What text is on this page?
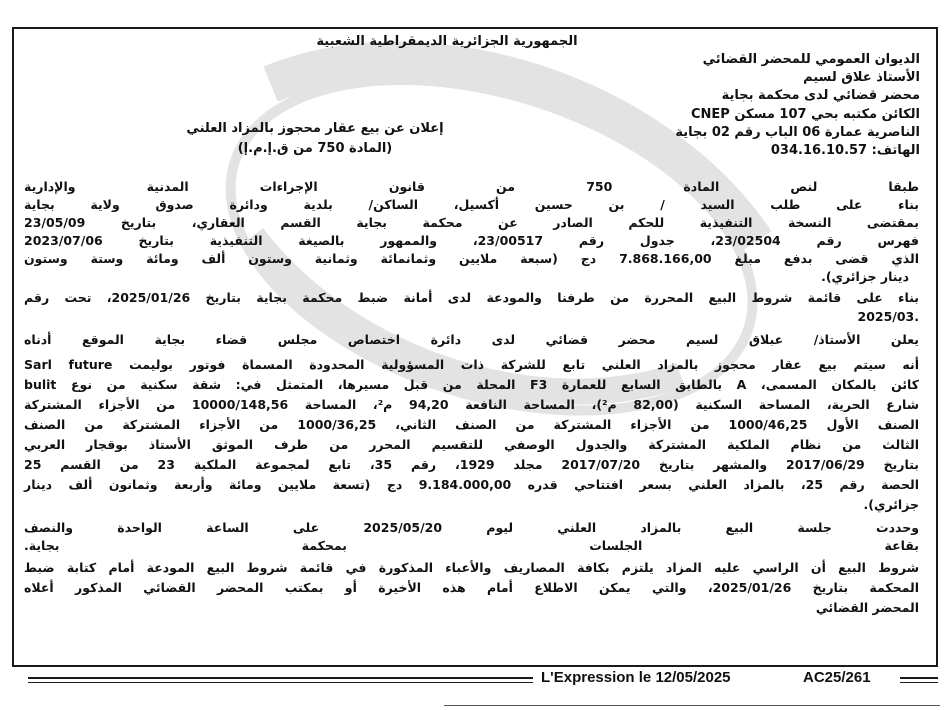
الجمهورية الجزائرية الديمقراطية الشعبية
الديوان العمومي للمحضر القضائي
الأستاذ علاق لسيم
محضر قضائي لدى محكمة بجاية
الكائن مكتبه بحي 107 مسكن CNEP
الناصرية عمارة 06 الباب رقم 02 بجاية
الهاتف: 034.16.10.57
إعلان عن بيع عقار محجوز بالمزاد العلني
(المادة 750 من ق.إ.م.إ)
طبقا لنص المادة 750 من قانون الإجراءات المدنية والإدارية
بناء على طلب السيد / بن حسين أكسيل، الساكن/ بلدية ودائرة صدوق ولاية بجاية
بمقتضى النسخة التنفيذية للحكم الصادر عن محكمة بجاية القسم العقاري، بتاريخ 23/05/09
فهرس رقم 23/02504، جدول رقم 23/00517، والممهور بالصيغة التنفيذية بتاريخ 2023/07/06
الذي قضى بدفع مبلغ 7.868.166,00 دج (سبعة ملايين وثمانمائة وثمانية وستون ألف ومائة وستة وستون
دينار جزائري).
بناء على قائمة شروط البيع المحررة من طرفنا والمودعة لدى أمانة ضبط محكمة بجاية بتاريخ 2025/01/26، تحت رقم
2025/03.
يعلن الأستاذ/ عبلاق لسيم محضر قضائي لدى دائرة اختصاص مجلس قضاء بجاية الموقع أدناه
أنه سيتم بيع عقار محجوز بالمزاد العلني تابع للشركة ذات المسؤولية المحدودة المسماة فوتور بوليمت Sarl future
bulit المحلة من قبل مسيرها، المتمثل في: شقة سكنية من نوع F3 بالطابق السابع للعمارة A ،كائن بالمكان المسمى
شارع الحرية، المساحة السكنية (82,00 م²)، المساحة النافعة 94,20 م²، المساحة 10000/148,56 من الأجزاء المشتركة
الصنف الأول 1000/46,25 من الأجزاء المشتركة من الصنف الثاني، 1000/36,25 من الأجزاء المشتركة من الصنف
الثالث من نظام الملكية المشتركة والجدول الوصفي للتقسيم المحرر من طرف الموثق الأستاذ بوقجار العربي
بتاريخ 2017/06/29 والمشهر بتاريخ 2017/07/20 مجلد 1929، رقم 35، تابع لمجموعة الملكية 23 من القسم 25
الحصة رقم 25، بالمزاد العلني بسعر افتتاحي قدره 9.184.000,00 دج (تسعة ملايين ومائة وأربعة وثمانون ألف دينار
جزائري).
وحددت جلسة البيع بالمزاد العلني ليوم 2025/05/20 على الساعة الواحدة والنصف
بقاعة الجلسات بمحكمة بجاية.
شروط البيع أن الراسي عليه المزاد يلتزم بكافة المصاريف والأعباء المذكورة في قائمة شروط البيع المودعة أمام كتابة ضبط
المحكمة بتاريخ 2025/01/26، والتي يمكن الاطلاع أمام هذه الأخيرة أو بمكتب المحضر القضائي المذكور أعلاه
المحضر القضائي
L'Expression le 12/05/2025	AC25/261
